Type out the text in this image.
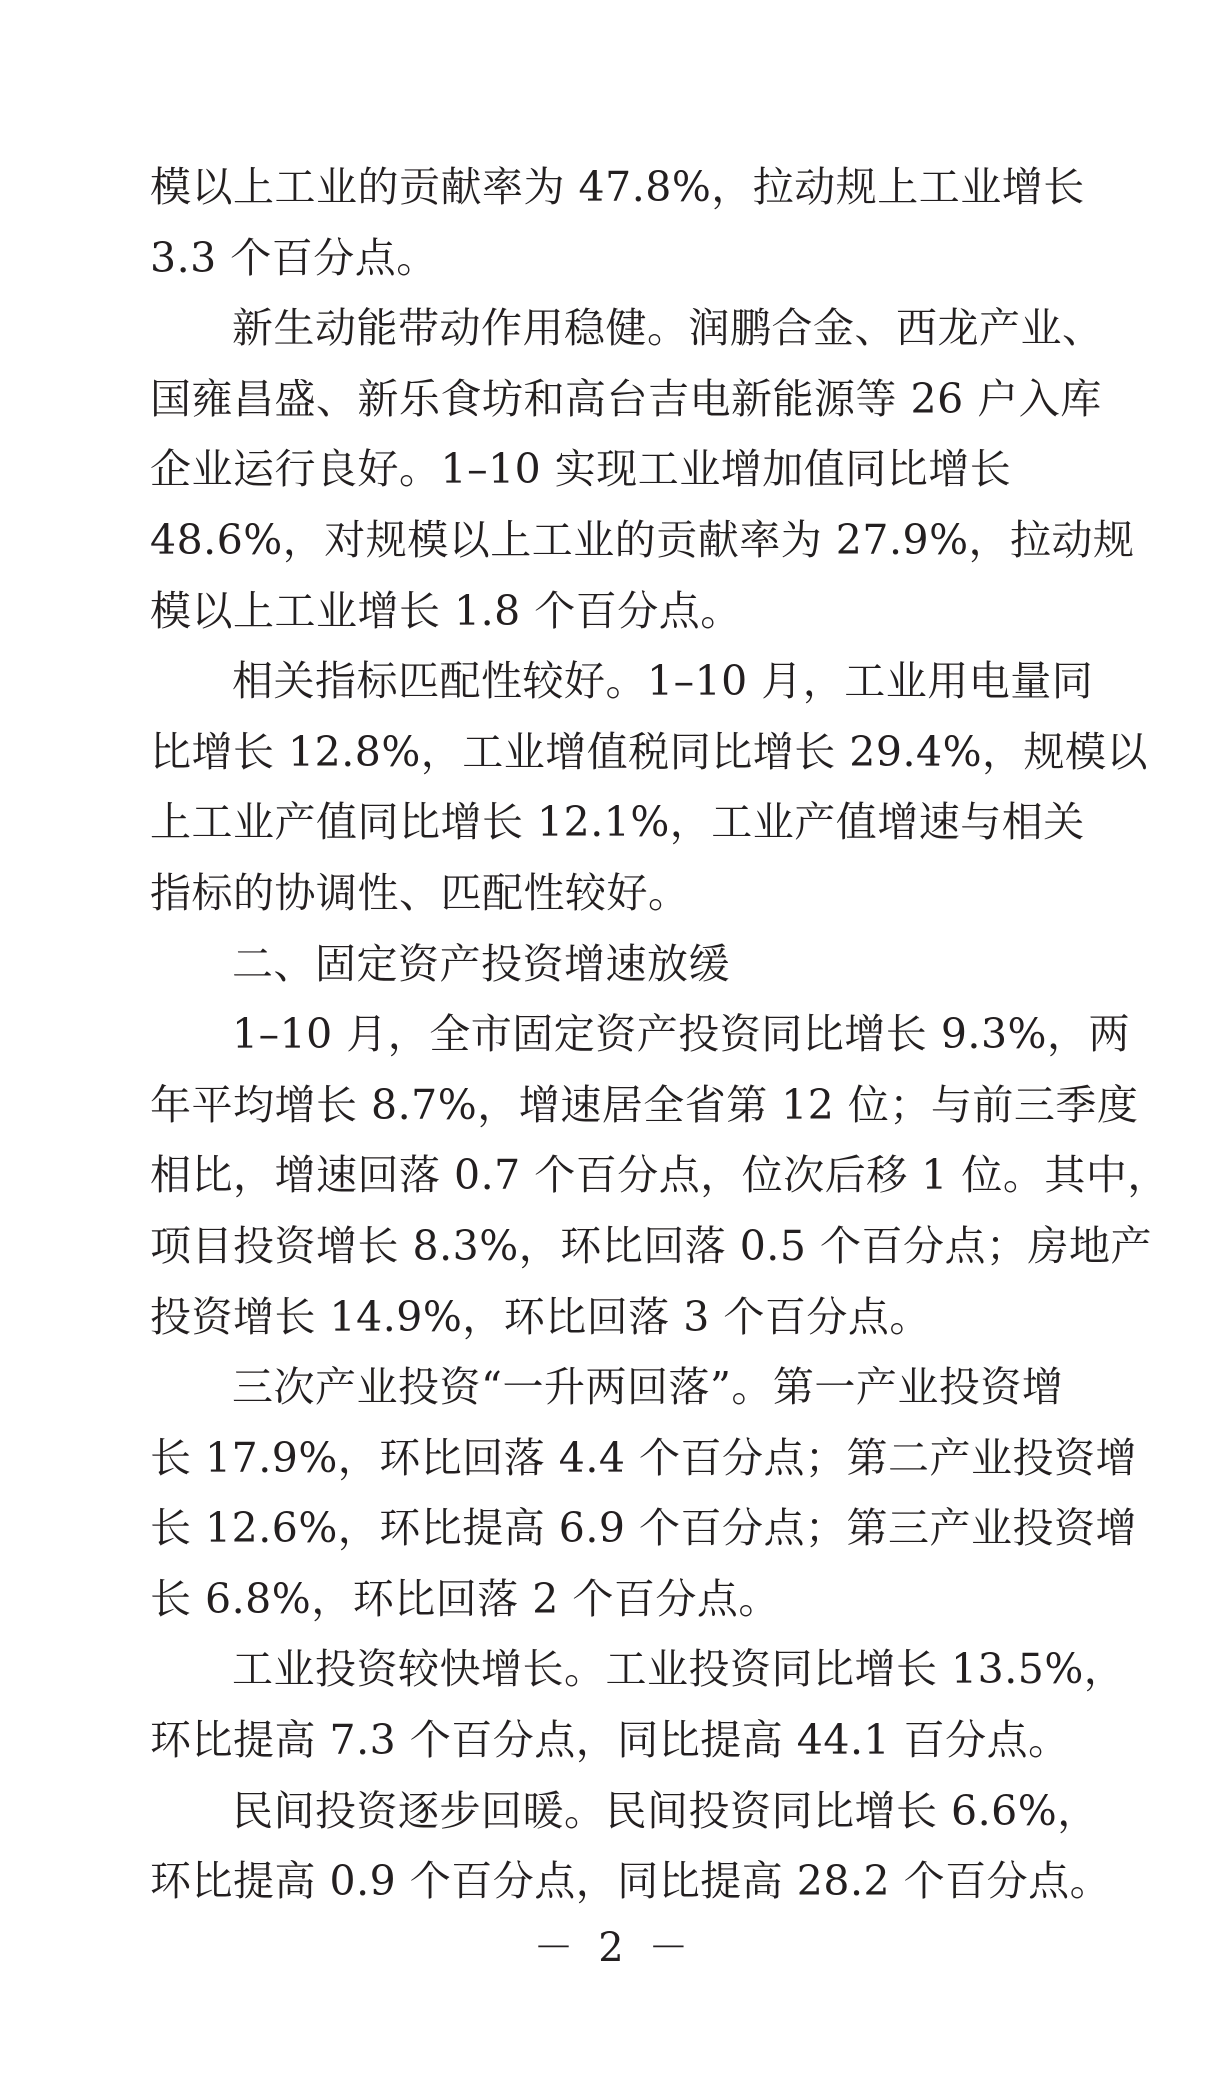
模以上工业的贡献率为 47.8%，拉动规上工业增长
3.3 个百分点。
新生动能带动作用稳健。润鹏合金、西龙产业、
国雍昌盛、新乐食坊和高台吉电新能源等 26 户入库
企业运行良好。1–10 实现工业增加值同比增长
48.6%，对规模以上工业的贡献率为 27.9%，拉动规
模以上工业增长 1.8 个百分点。
相关指标匹配性较好。1–10 月，工业用电量同
比增长 12.8%，工业增值税同比增长 29.4%，规模以
上工业产值同比增长 12.1%，工业产值增速与相关
指标的协调性、匹配性较好。
二、固定资产投资增速放缓
1–10 月，全市固定资产投资同比增长 9.3%，两
年平均增长 8.7%，增速居全省第 12 位；与前三季度
相比，增速回落 0.7 个百分点，位次后移 1 位。其中，
项目投资增长 8.3%，环比回落 0.5 个百分点；房地产
投资增长 14.9%，环比回落 3 个百分点。
三次产业投资“一升两回落”。第一产业投资增
长 17.9%，环比回落 4.4 个百分点；第二产业投资增
长 12.6%，环比提高 6.9 个百分点；第三产业投资增
长 6.8%，环比回落 2 个百分点。
工业投资较快增长。工业投资同比增长 13.5%，
环比提高 7.3 个百分点，同比提高 44.1 百分点。
民间投资逐步回暖。民间投资同比增长 6.6%，
环比提高 0.9 个百分点，同比提高 28.2 个百分点。
－ 2 －
